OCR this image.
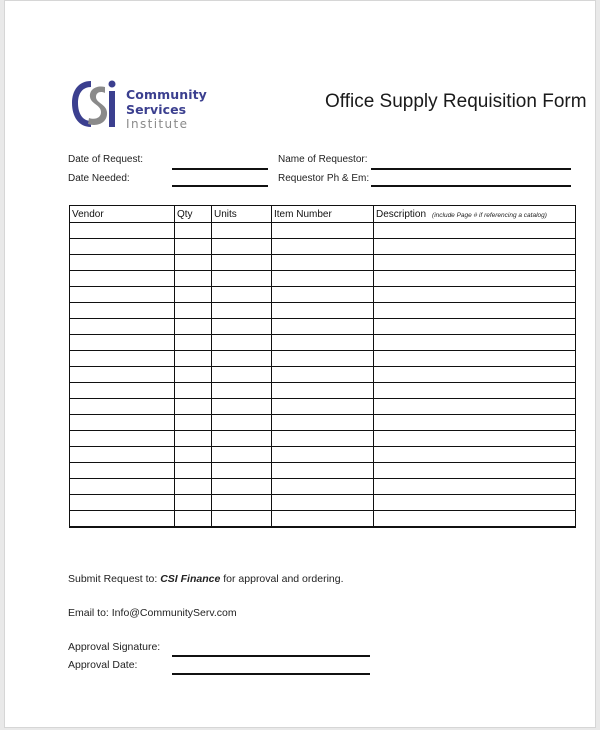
Community
Services
Institute
Office Supply Requisition Form
Date of Request:
Date Needed:
Name of Requestor:
Requestor Ph & Em:
Vendor	Qty	Units	Item Number	Description (include Page # if referencing a catalog)

Submit Request to: CSI Finance for approval and ordering.
Email to: Info@CommunityServ.com
Approval Signature:
Approval Date:
